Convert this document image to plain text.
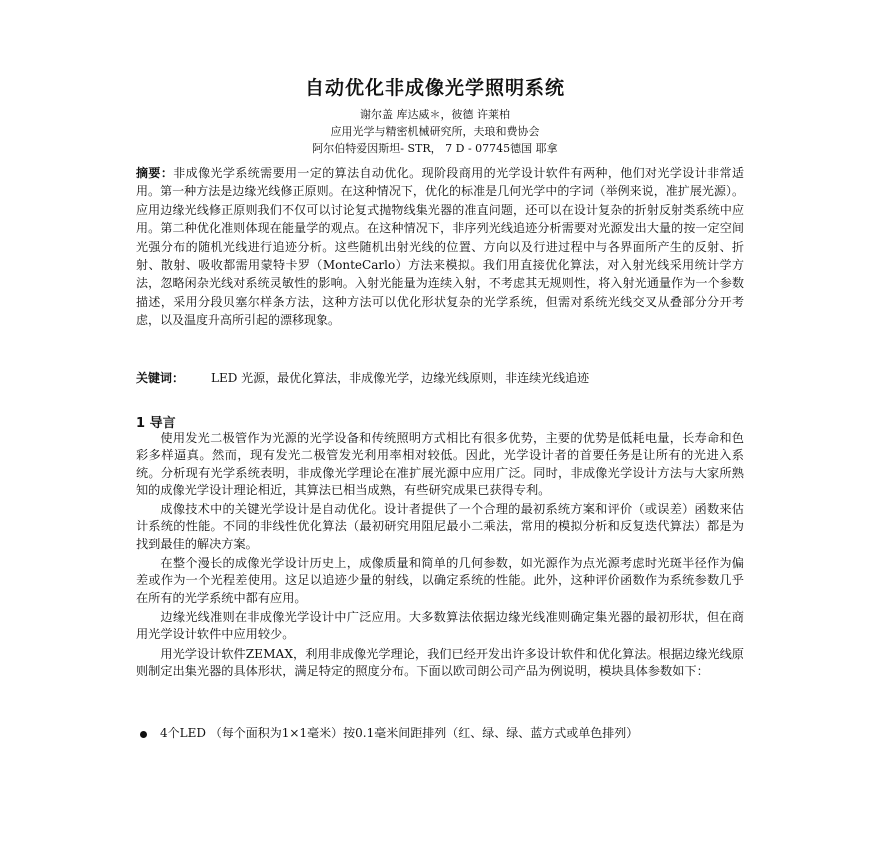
自动优化非成像光学照明系统
谢尔盖 库达威＊，彼德 许莱柏
应用光学与精密机械研究所，夫琅和费协会
阿尔伯特爱因斯坦- STR， 7 D - 07745德国 耶拿
摘要：非成像光学系统需要用一定的算法自动优化。现阶段商用的光学设计软件有两种，他们对光学设计非常适用。第一种方法是边缘光线修正原则。在这种情况下，优化的标准是几何光学中的字词（举例来说，准扩展光源）。应用边缘光线修正原则我们不仅可以讨论复式抛物线集光器的准直问题，还可以在设计复杂的折射反射类系统中应用。第二种优化准则体现在能量学的观点。在这种情况下，非序列光线追迹分析需要对光源发出大量的按一定空间光强分布的随机光线进行追迹分析。这些随机出射光线的位置、方向以及行进过程中与各界面所产生的反射、折射、散射、吸收都需用蒙特卡罗（MonteCarlo）方法来模拟。我们用直接优化算法，对入射光线采用统计学方法，忽略闲杂光线对系统灵敏性的影响。入射光能量为连续入射，不考虑其无规则性，将入射光通量作为一个参数描述，采用分段贝塞尔样条方法，这种方法可以优化形状复杂的光学系统，但需对系统光线交叉从叠部分分开考虑，以及温度升高所引起的漂移现象。
关键词： LED 光源，最优化算法，非成像光学，边缘光线原则，非连续光线追迹
1 导言

使用发光二极管作为光源的光学设备和传统照明方式相比有很多优势，主要的优势是低耗电量，长寿命和色彩多样逼真。然而，现有发光二极管发光利用率相对较低。因此，光学设计者的首要任务是让所有的光进入系统。分析现有光学系统表明，非成像光学理论在准扩展光源中应用广泛。同时，非成像光学设计方法与大家所熟知的成像光学设计理论相近，其算法已相当成熟，有些研究成果已获得专利。

成像技术中的关键光学设计是自动优化。设计者提供了一个合理的最初系统方案和评价（或误差）函数来估计系统的性能。不同的非线性优化算法（最初研究用阻尼最小二乘法，常用的模拟分析和反复迭代算法）都是为找到最佳的解决方案。

在整个漫长的成像光学设计历史上，成像质量和简单的几何参数，如光源作为点光源考虑时光斑半径作为偏差或作为一个光程差使用。这足以追迹少量的射线，以确定系统的性能。此外，这种评价函数作为系统参数几乎在所有的光学系统中都有应用。

边缘光线准则在非成像光学设计中广泛应用。大多数算法依据边缘光线准则确定集光器的最初形状，但在商用光学设计软件中应用较少。

用光学设计软件ZEMAX，利用非成像光学理论，我们已经开发出许多设计软件和优化算法。根据边缘光线原则制定出集光器的具体形状，满足特定的照度分布。下面以欧司朗公司产品为例说明，模块具体参数如下：

4个LED （每个面积为1×1毫米）按0.1毫米间距排列（红、绿、绿、蓝方式或单色排列）
